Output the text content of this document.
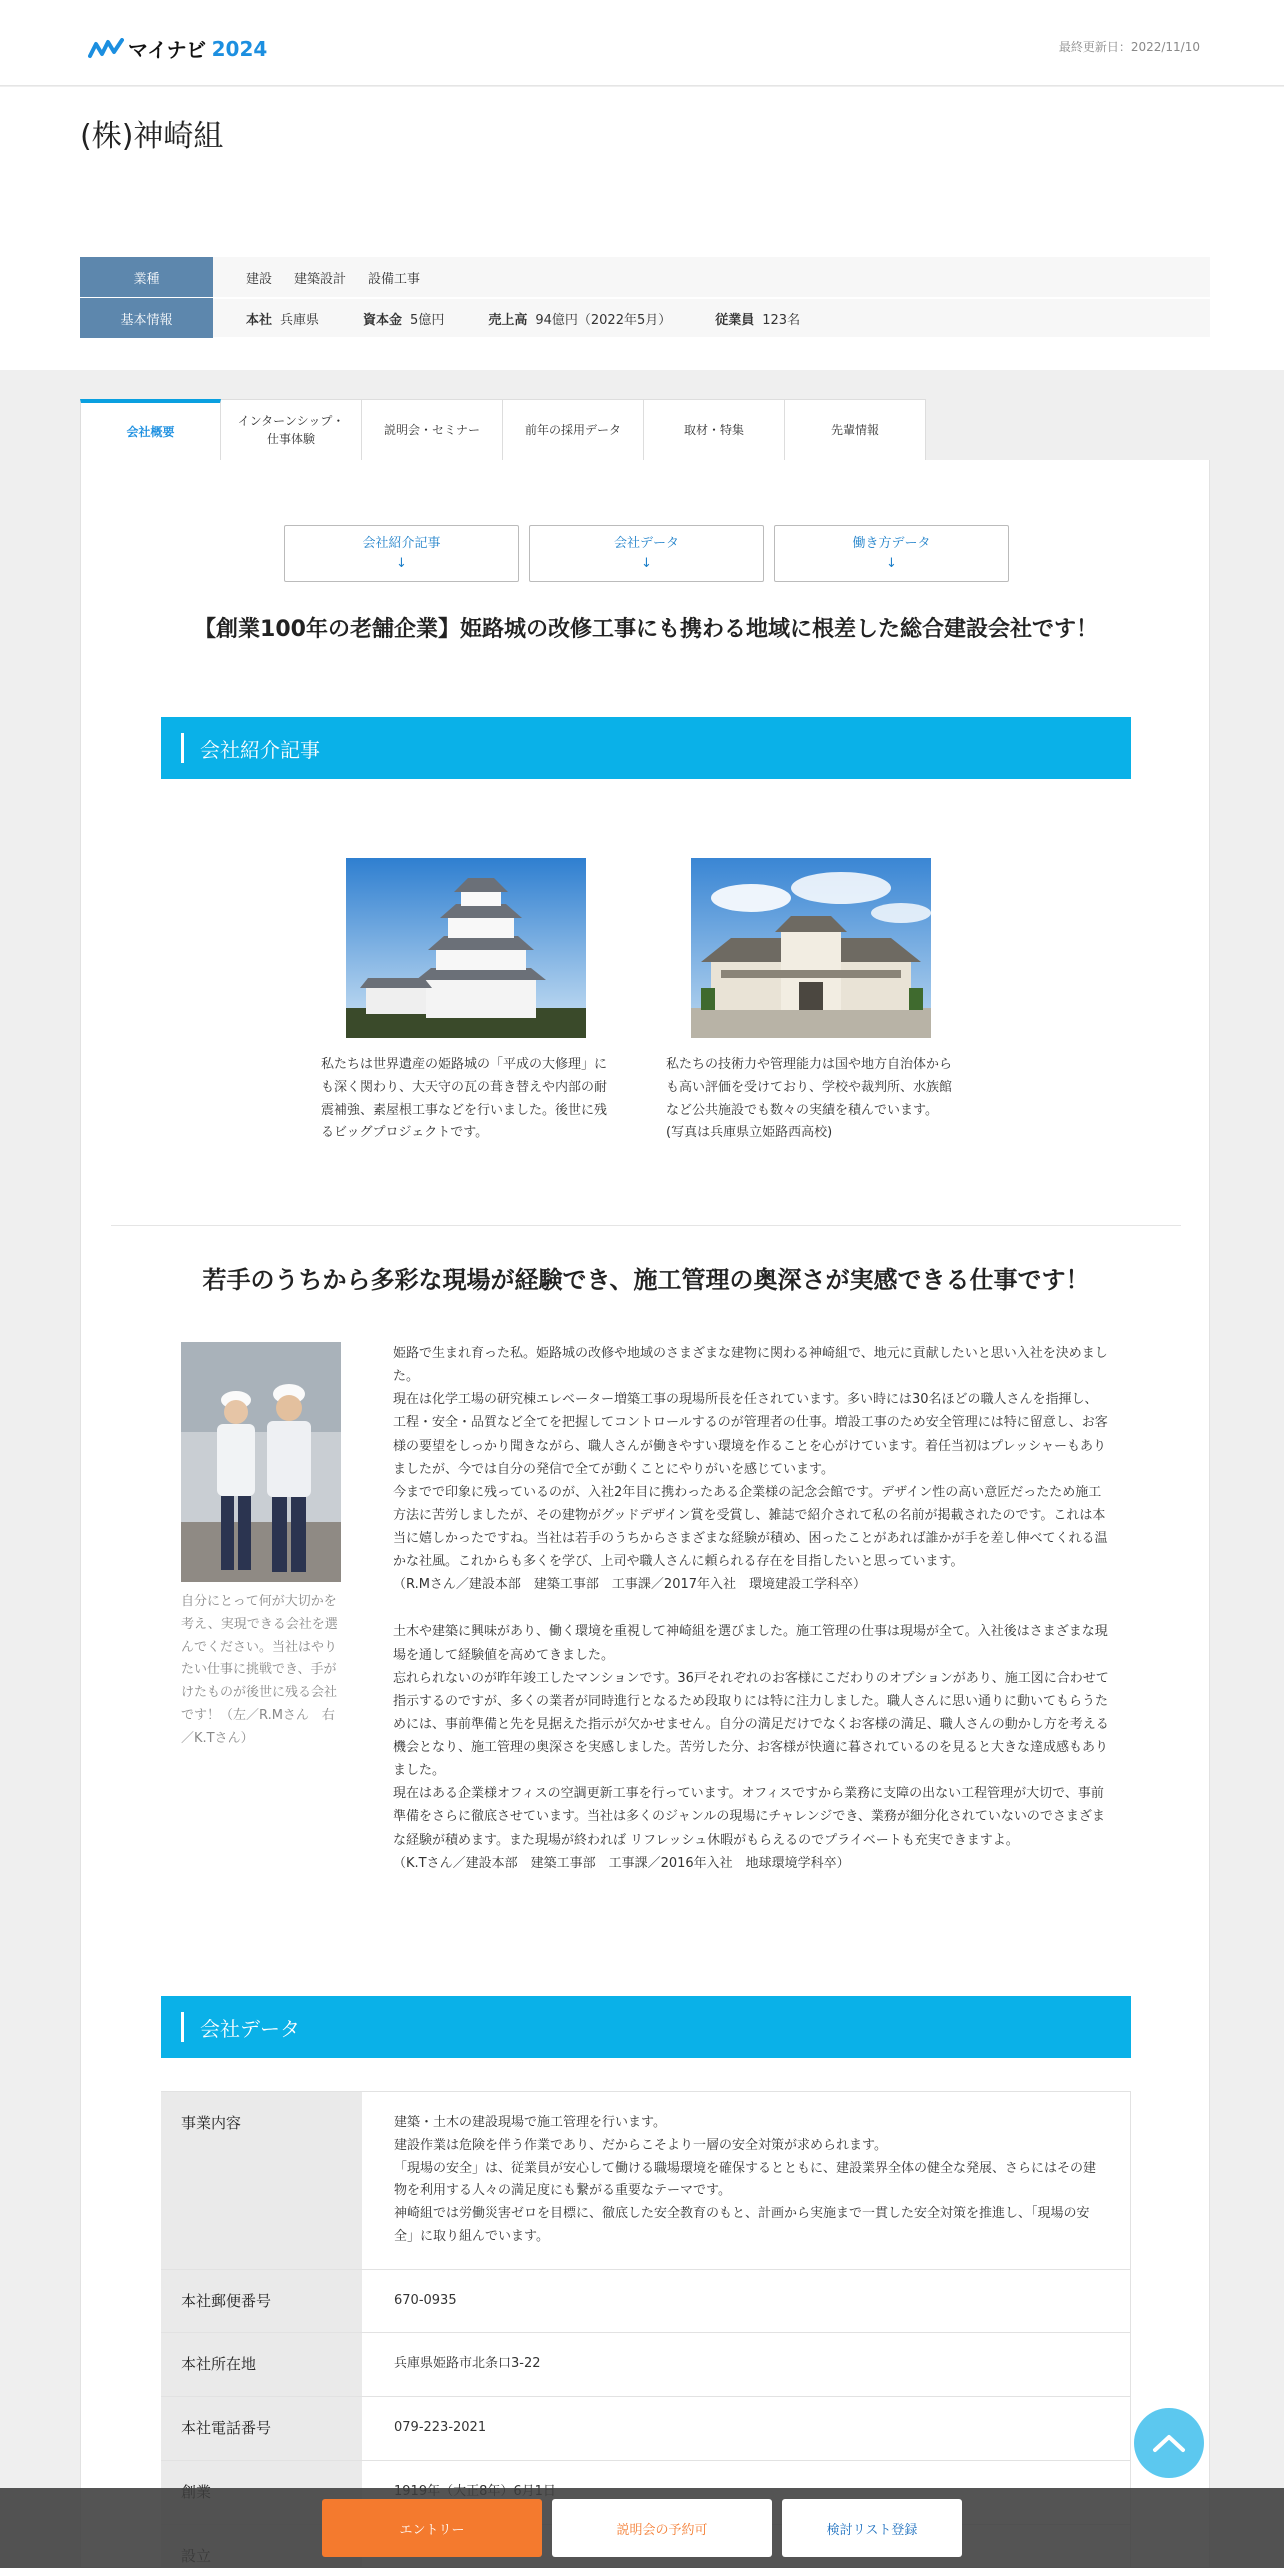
マイナビ 2024	最終更新日：2022/11/10
(株)神崎組
業種	建設 建築設計 設備工事
基本情報	本社 兵庫県	資本金 5億円	売上高 94億円（2022年5月）	従業員 123名
会社概要
インターンシップ・
仕事体験
説明会・セミナー	前年の採用データ	取材・特集	先輩情報
会社紹介記事
↓
会社データ
↓
働き方データ
↓
【創業100年の老舗企業】姫路城の改修工事にも携わる地域に根差した総合建設会社です！
会社紹介記事

私たちは世界遺産の姫路城の「平成の大修理」にも深く関わり、大天守の瓦の葺き替えや内部の耐震補強、素屋根工事などを行いました。後世に残るビッグプロジェクトです。

私たちの技術力や管理能力は国や地方自治体からも高い評価を受けており、学校や裁判所、水族館など公共施設でも数々の実績を積んでいます。(写真は兵庫県立姫路西高校)

若手のうちから多彩な現場が経験でき、施工管理の奥深さが実感できる仕事です！

自分にとって何が大切かを考え、実現できる会社を選んでください。当社はやりたい仕事に挑戦でき、手がけたものが後世に残る会社です！（左／R.Mさん　右／K.Tさん）

姫路で生まれ育った私。姫路城の改修や地域のさまざまな建物に関わる神崎組で、地元に貢献したいと思い入社を決めました。

現在は化学工場の研究棟エレベーター増築工事の現場所長を任されています。多い時には30名ほどの職人さんを指揮し、工程・安全・品質など全てを把握してコントロールするのが管理者の仕事。増設工事のため安全管理には特に留意し、お客様の要望をしっかり聞きながら、職人さんが働きやすい環境を作ることを心がけています。着任当初はプレッシャーもありましたが、今では自分の発信で全てが動くことにやりがいを感じています。

今までで印象に残っているのが、入社2年目に携わったある企業様の記念会館です。デザイン性の高い意匠だったため施工方法に苦労しましたが、その建物がグッドデザイン賞を受賞し、雑誌で紹介されて私の名前が掲載されたのです。これは本当に嬉しかったですね。当社は若手のうちからさまざまな経験が積め、困ったことがあれば誰かが手を差し伸べてくれる温かな社風。これからも多くを学び、上司や職人さんに頼られる存在を目指したいと思っています。

（R.Mさん／建設本部　建築工事部　工事課／2017年入社　環境建設工学科卒）

土木や建築に興味があり、働く環境を重視して神崎組を選びました。施工管理の仕事は現場が全て。入社後はさまざまな現場を通して経験値を高めてきました。

忘れられないのが昨年竣工したマンションです。36戸それぞれのお客様にこだわりのオプションがあり、施工図に合わせて指示するのですが、多くの業者が同時進行となるため段取りには特に注力しました。職人さんに思い通りに動いてもらうためには、事前準備と先を見据えた指示が欠かせません。自分の満足だけでなくお客様の満足、職人さんの動かし方を考える機会となり、施工管理の奥深さを実感しました。苦労した分、お客様が快適に暮されているのを見ると大きな達成感もありました。

現在はある企業様オフィスの空調更新工事を行っています。オフィスですから業務に支障の出ない工程管理が大切で、事前準備をさらに徹底させています。当社は多くのジャンルの現場にチャレンジでき、業務が細分化されていないのでさまざまな経験が積めます。また現場が終われば リフレッシュ休暇がもらえるのでプライベートも充実できますよ。

（K.Tさん／建設本部　建築工事部　工事課／2016年入社　地球環境学科卒）

会社データ
事業内容	建築・土木の建設現場で施工管理を行います。

建設作業は危険を伴う作業であり、だからこそより一層の安全対策が求められます。

「現場の安全」は、従業員が安心して働ける職場環境を確保するとともに、建設業界全体の健全な発展、さらにはその建物を利用する人々の満足度にも繋がる重要なテーマです。

神崎組では労働災害ゼロを目標に、徹底した安全教育のもと、計画から実施まで一貫した安全対策を推進し、「現場の安全」に取り組んでいます。

本社郵便番号	670-0935
本社所在地	兵庫県姫路市北条口3-22
本社電話番号	079-223-2021
エントリー	説明会の予約可	検討リスト登録
